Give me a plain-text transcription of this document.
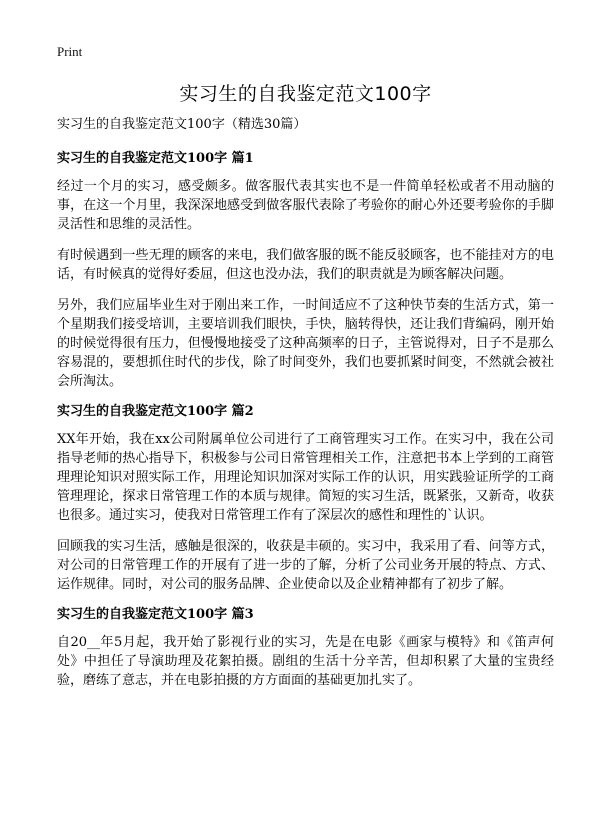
Print
实习生的自我鉴定范文100字
实习生的自我鉴定范文100字（精选30篇）
实习生的自我鉴定范文100字 篇1

经过一个月的实习，感受颇多。做客服代表其实也不是一件简单轻松或者不用动脑的事，在这一个月里，我深深地感受到做客服代表除了考验你的耐心外还要考验你的手脚灵活性和思维的灵活性。

有时候遇到一些无理的顾客的来电，我们做客服的既不能反驳顾客，也不能挂对方的电话，有时候真的觉得好委屈，但这也没办法，我们的职责就是为顾客解决问题。

另外，我们应届毕业生对于刚出来工作，一时间适应不了这种快节奏的生活方式，第一个星期我们接受培训，主要培训我们眼快，手快，脑转得快，还让我们背编码，刚开始的时候觉得很有压力，但慢慢地接受了这种高频率的日子，主管说得对，日子不是那么容易混的，要想抓住时代的步伐，除了时间变外，我们也要抓紧时间变，不然就会被社会所淘汰。

实习生的自我鉴定范文100字 篇2

XX年开始，我在xx公司附属单位公司进行了工商管理实习工作。在实习中，我在公司指导老师的热心指导下，积极参与公司日常管理相关工作，注意把书本上学到的工商管理理论知识对照实际工作，用理论知识加深对实际工作的认识，用实践验证所学的工商管理理论，探求日常管理工作的本质与规律。简短的实习生活，既紧张，又新奇，收获也很多。通过实习，使我对日常管理工作有了深层次的感性和理性的`认识。

回顾我的实习生活，感触是很深的，收获是丰硕的。实习中，我采用了看、问等方式，对公司的日常管理工作的开展有了进一步的了解，分析了公司业务开展的特点、方式、运作规律。同时，对公司的服务品牌、企业使命以及企业精神都有了初步了解。

实习生的自我鉴定范文100字 篇3

自20__年5月起，我开始了影视行业的实习，先是在电影《画家与模特》和《笛声何处》中担任了导演助理及花絮拍摄。剧组的生活十分辛苦，但却积累了大量的宝贵经验，磨练了意志，并在电影拍摄的方方面面的基础更加扎实了。
